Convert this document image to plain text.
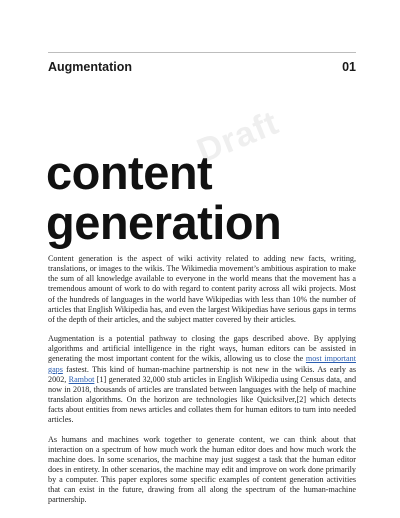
Augmentation	01
Draft
content
generation

Content generation is the aspect of wiki activity related to adding new facts, writing, translations, or images to the wikis. The Wikimedia movement’s ambitious aspiration to make the sum of all knowledge available to everyone in the world means that the movement has a tremendous amount of work to do with regard to content parity across all wiki projects. Most of the hundreds of languages in the world have Wikipedias with less than 10% the number of articles that English Wikipedia has, and even the largest Wikipedias have serious gaps in terms of the depth of their articles, and the subject matter covered by their articles.

Augmentation is a potential pathway to closing the gaps described above. By applying algorithms and artificial intelligence in the right ways, human editors can be assisted in generating the most important content for the wikis, allowing us to close the most important gaps fastest. This kind of human-machine partnership is not new in the wikis. As early as 2002, Rambot [1] generated 32,000 stub articles in English Wikipedia using Census data, and now in 2018, thousands of articles are translated between languages with the help of machine translation algorithms. On the horizon are technologies like Quicksilver,[2] which detects facts about entities from news articles and collates them for human editors to turn into needed articles.

As humans and machines work together to generate content, we can think about that interaction on a spectrum of how much work the human editor does and how much work the machine does. In some scenarios, the machine may just suggest a task that the human editor does in entirety. In other scenarios, the machine may edit and improve on work done primarily by a computer. This paper explores some specific examples of content generation activities that can exist in the future, drawing from all along the spectrum of the human-machine partnership.
